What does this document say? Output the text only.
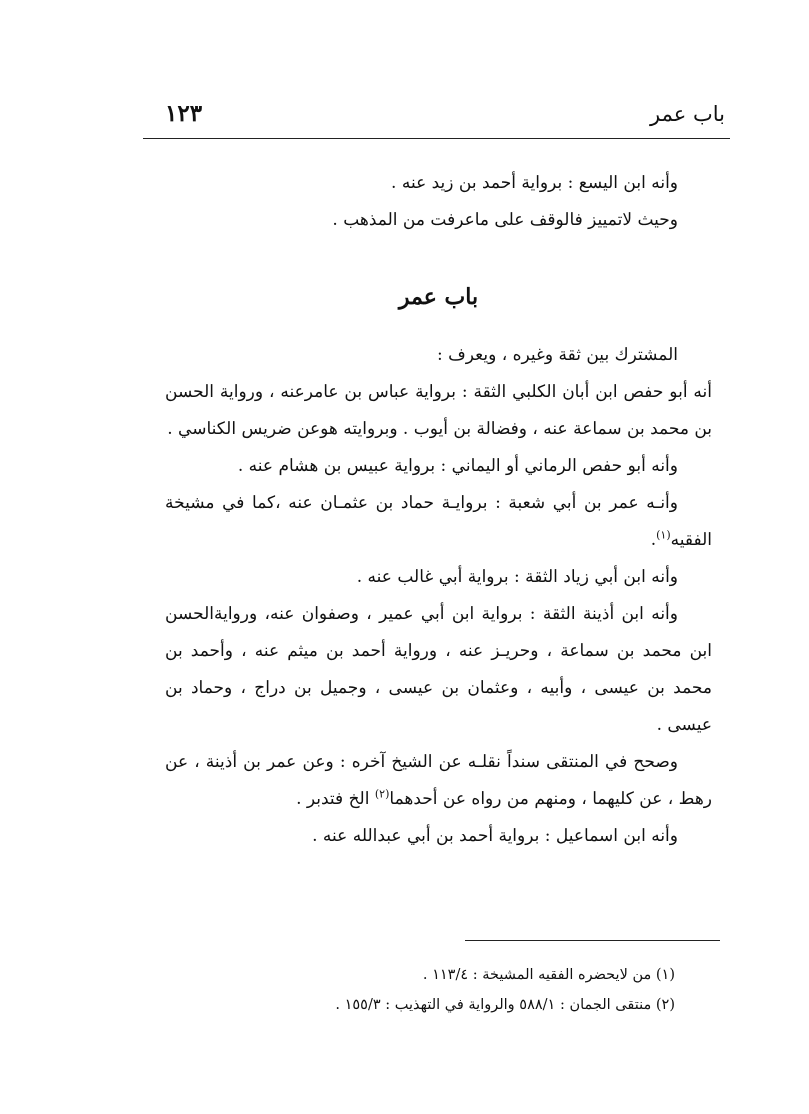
باب عمر
١٢٣

وأنه ابن اليسع : برواية أحمد بن زيد عنه .

وحيث لاتمييز فالوقف على ماعرفت من المذهب .

باب عمر

المشترك بين ثقة وغيره ، ويعرف :

أنه أبو حفص ابن أبان الكلبي الثقة : برواية عباس بن عامرعنه ، ورواية الحسن بن محمد بن سماعة عنه ، وفضالة بن أيوب . وبروايته هوعن ضريس الكناسي .

وأنه أبو حفص الرماني أو اليماني : برواية عبيس بن هشام عنه .

وأنـه عمر بن أبي شعبة : بروايـة حماد بن عثمـان عنه ،كما في مشيخة الفقيه$^{(١)}$.

وأنه ابن أبي زياد الثقة : برواية أبي غالب عنه .

وأنه ابن أذينة الثقة : برواية ابن أبي عمير ، وصفوان عنه، وروايةالحسن ابن محمد بن سماعة ، وحريـز عنه ، ورواية أحمد بن ميثم عنه ، وأحمد بن محمد بن عيسى ، وأبيه ، وعثمان بن عيسى ، وجميل بن دراج ، وحماد بن عيسى .

وصحح في المنتقى سنداً نقلـه عن الشيخ آخره : وعن عمر بن أذينة ، عن رهط ، عن كليهما ، ومنهم من رواه عن أحدهما$^{(٢)}$ الخ فتدبر .

وأنه ابن اسماعيل : برواية أحمد بن أبي عبدالله عنه .

(١) من لايحضره الفقيه المشيخة : ١١٣/٤ .

(٢) منتقى الجمان : ٥٨٨/١ والرواية في التهذيب : ١٥٥/٣ .
